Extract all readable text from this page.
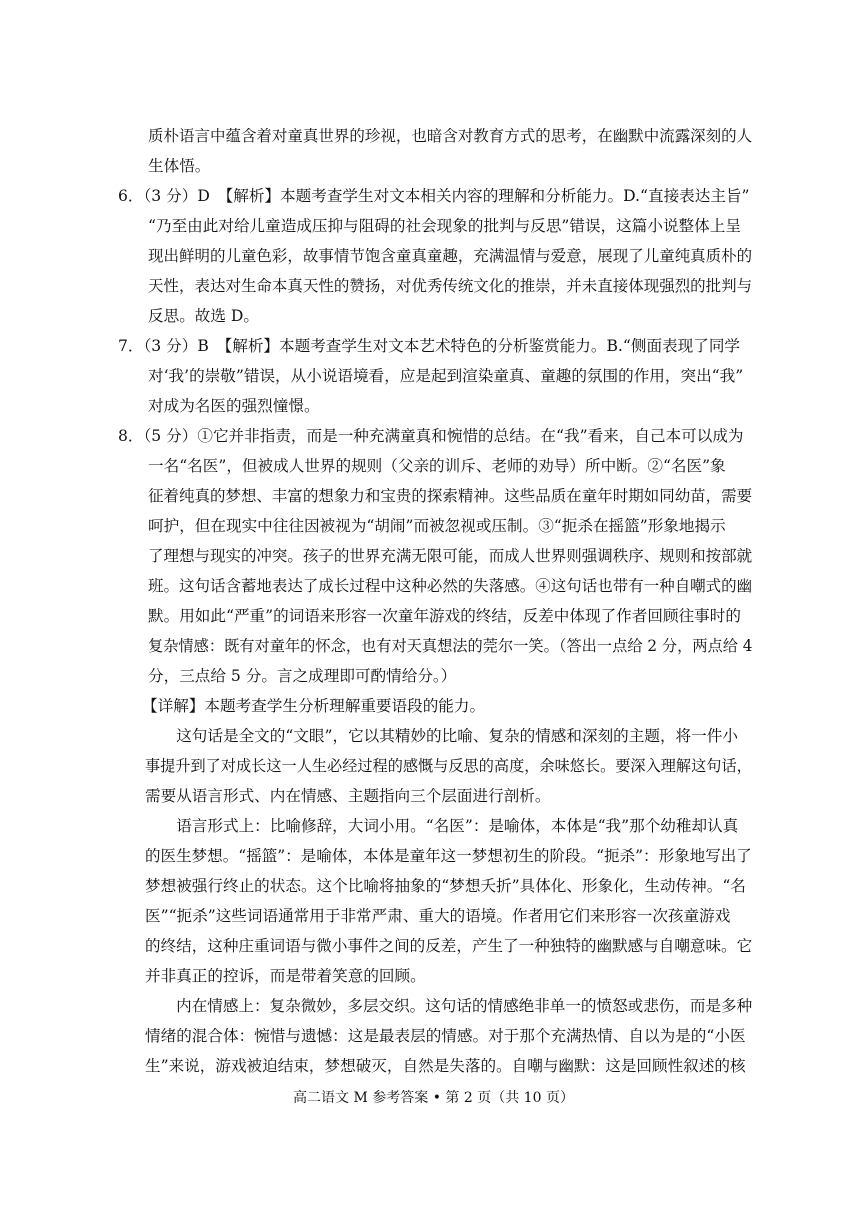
质朴语言中蕴含着对童真世界的珍视，也暗含对教育方式的思考，在幽默中流露深刻的人
生体悟。
6．（3 分）D　【解析】本题考查学生对文本相关内容的理解和分析能力。D.“直接表达主旨”
“乃至由此对给儿童造成压抑与阻碍的社会现象的批判与反思”错误，这篇小说整体上呈
现出鲜明的儿童色彩，故事情节饱含童真童趣，充满温情与爱意，展现了儿童纯真质朴的
天性，表达对生命本真天性的赞扬，对优秀传统文化的推崇，并未直接体现强烈的批判与
反思。故选 D。
7．（3 分）B　【解析】本题考查学生对文本艺术特色的分析鉴赏能力。B.“侧面表现了同学
对‘我’的崇敬”错误，从小说语境看，应是起到渲染童真、童趣的氛围的作用，突出“我”
对成为名医的强烈憧憬。
8．（5 分）①它并非指责，而是一种充满童真和惋惜的总结。在“我”看来，自己本可以成为
一名“名医”，但被成人世界的规则（父亲的训斥、老师的劝导）所中断。②“名医”象
征着纯真的梦想、丰富的想象力和宝贵的探索精神。这些品质在童年时期如同幼苗，需要
呵护，但在现实中往往因被视为“胡闹”而被忽视或压制。③“扼杀在摇篮”形象地揭示
了理想与现实的冲突。孩子的世界充满无限可能，而成人世界则强调秩序、规则和按部就
班。这句话含蓄地表达了成长过程中这种必然的失落感。④这句话也带有一种自嘲式的幽
默。用如此“严重”的词语来形容一次童年游戏的终结，反差中体现了作者回顾往事时的
复杂情感：既有对童年的怀念，也有对天真想法的莞尔一笑。（答出一点给 2 分，两点给 4
分，三点给 5 分。言之成理即可酌情给分。）
【详解】本题考查学生分析理解重要语段的能力。
　　这句话是全文的“文眼”，它以其精妙的比喻、复杂的情感和深刻的主题，将一件小
事提升到了对成长这一人生必经过程的感慨与反思的高度，余味悠长。要深入理解这句话，
需要从语言形式、内在情感、主题指向三个层面进行剖析。
　　语言形式上：比喻修辞，大词小用。“名医”：是喻体，本体是“我”那个幼稚却认真
的医生梦想。“摇篮”：是喻体，本体是童年这一梦想初生的阶段。“扼杀”：形象地写出了
梦想被强行终止的状态。这个比喻将抽象的“梦想夭折”具体化、形象化，生动传神。“名
医”“扼杀”这些词语通常用于非常严肃、重大的语境。作者用它们来形容一次孩童游戏
的终结，这种庄重词语与微小事件之间的反差，产生了一种独特的幽默感与自嘲意味。它
并非真正的控诉，而是带着笑意的回顾。
　　内在情感上：复杂微妙，多层交织。这句话的情感绝非单一的愤怒或悲伤，而是多种
情绪的混合体：惋惜与遗憾：这是最表层的情感。对于那个充满热情、自以为是的“小医
生”来说，游戏被迫结束，梦想破灭，自然是失落的。自嘲与幽默：这是回顾性叙述的核
高二语文 M 参考答案 • 第 2 页（共 10 页）
